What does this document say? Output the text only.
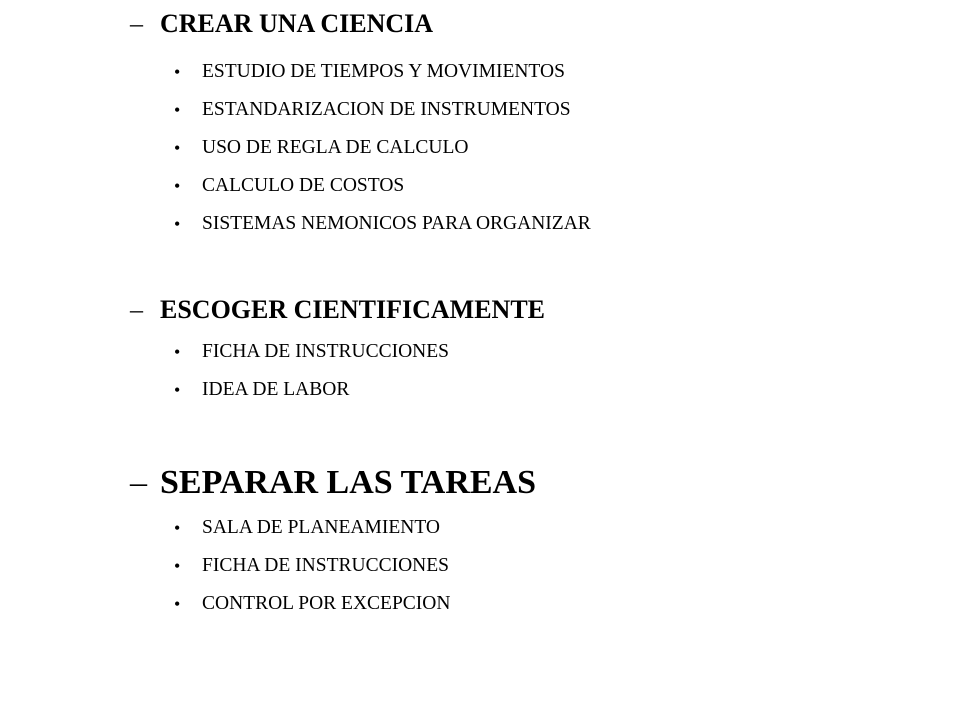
– CREAR UNA CIENCIA
• ESTUDIO DE TIEMPOS Y MOVIMIENTOS
• ESTANDARIZACION DE INSTRUMENTOS
• USO DE REGLA DE CALCULO
• CALCULO DE COSTOS
• SISTEMAS NEMONICOS PARA ORGANIZAR
– ESCOGER CIENTIFICAMENTE
• FICHA DE INSTRUCCIONES
• IDEA DE LABOR
– SEPARAR LAS TAREAS
• SALA DE PLANEAMIENTO
• FICHA DE INSTRUCCIONES
• CONTROL POR EXCEPCION
